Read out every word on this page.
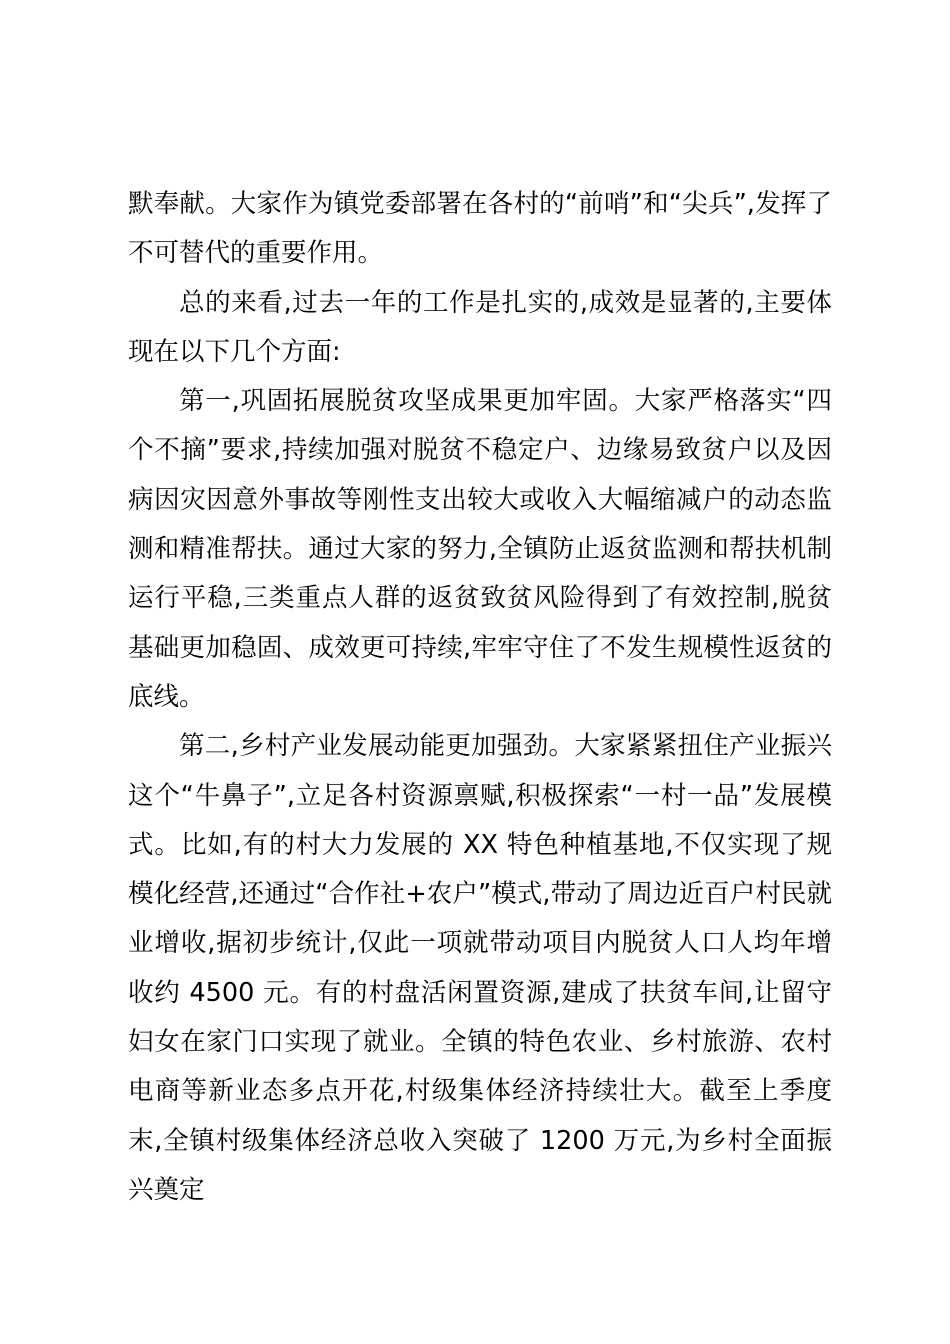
默奉献。大家作为镇党委部署在各村的“前哨”和“尖兵”,发挥了不可替代的重要作用。

总的来看,过去一年的工作是扎实的,成效是显著的,主要体现在以下几个方面:

第一,巩固拓展脱贫攻坚成果更加牢固。大家严格落实“四个不摘”要求,持续加强对脱贫不稳定户、边缘易致贫户以及因病因灾因意外事故等刚性支出较大或收入大幅缩减户的动态监测和精准帮扶。通过大家的努力,全镇防止返贫监测和帮扶机制运行平稳,三类重点人群的返贫致贫风险得到了有效控制,脱贫基础更加稳固、成效更可持续,牢牢守住了不发生规模性返贫的底线。

第二,乡村产业发展动能更加强劲。大家紧紧扭住产业振兴这个“牛鼻子”,立足各村资源禀赋,积极探索“一村一品”发展模式。比如,有的村大力发展的 XX 特色种植基地,不仅实现了规模化经营,还通过“合作社+农户”模式,带动了周边近百户村民就业增收,据初步统计,仅此一项就带动项目内脱贫人口人均年增收约 4500 元。有的村盘活闲置资源,建成了扶贫车间,让留守妇女在家门口实现了就业。全镇的特色农业、乡村旅游、农村电商等新业态多点开花,村级集体经济持续壮大。截至上季度末,全镇村级集体经济总收入突破了 1200 万元,为乡村全面振兴奠定
